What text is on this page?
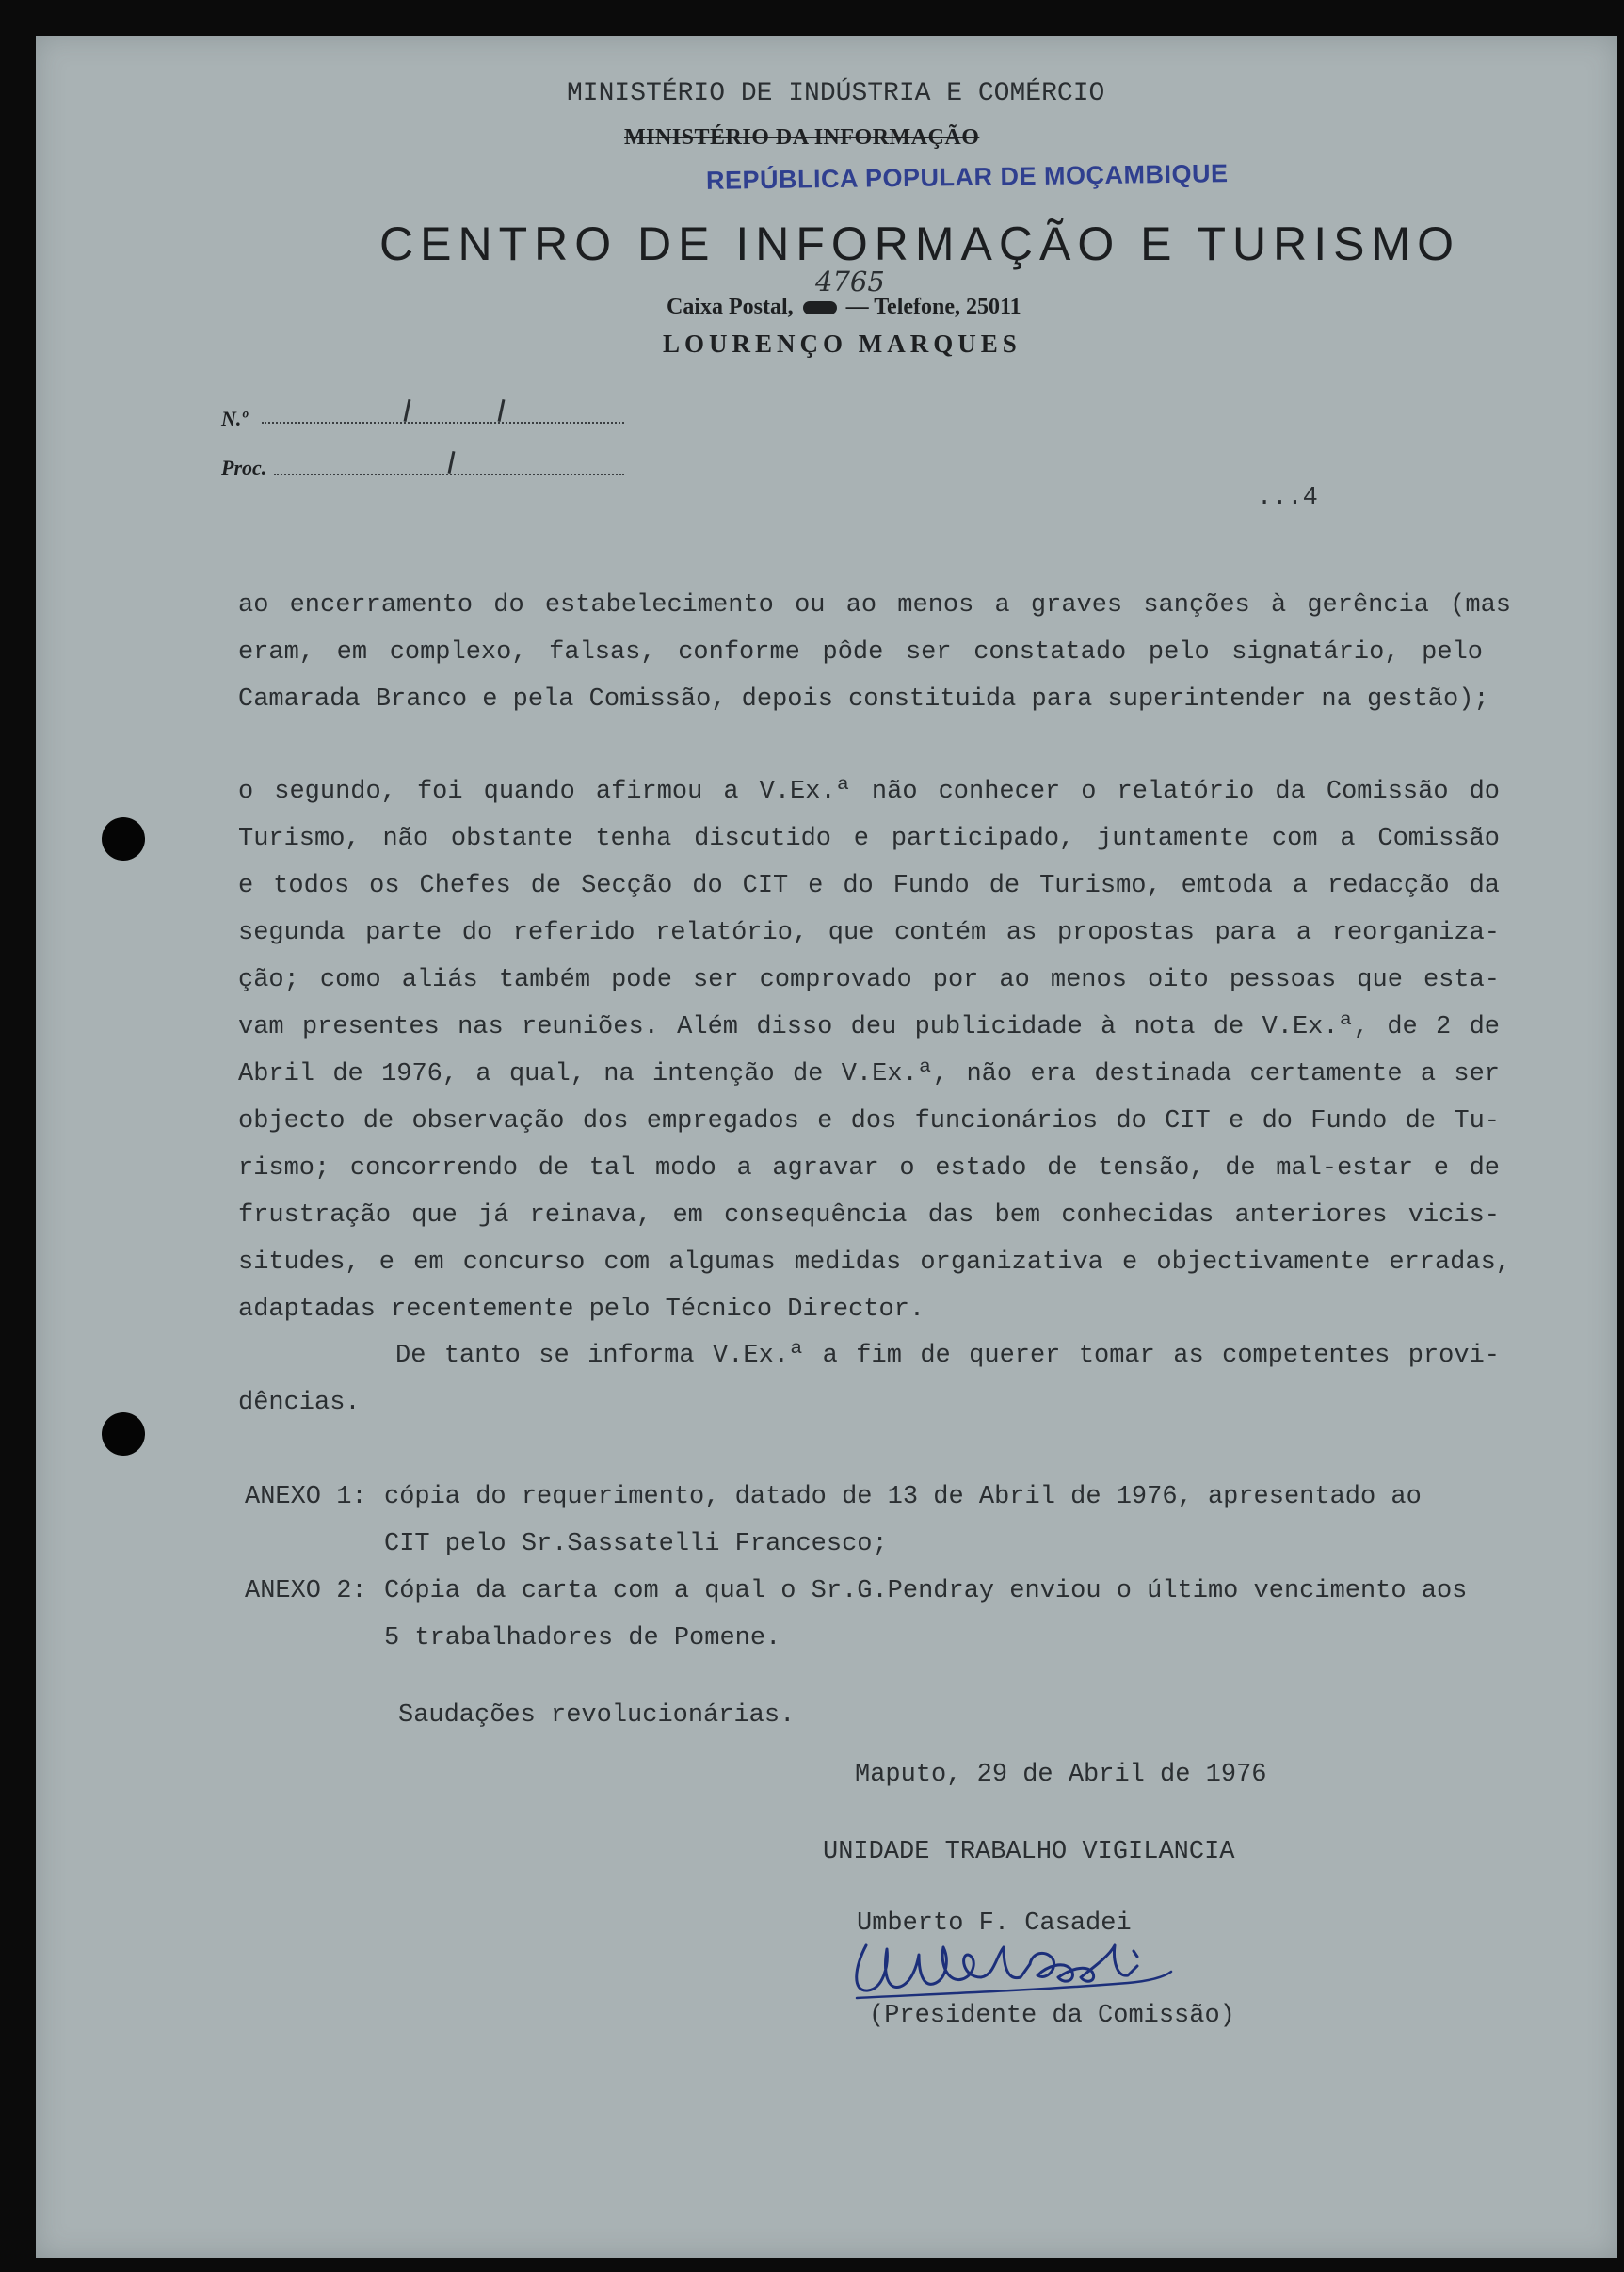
MINISTÉRIO DE INDÚSTRIA E COMÉRCIO
MINISTÉRIO DA INFORMAÇÃO
REPÚBLICA POPULAR DE MOÇAMBIQUE
CENTRO DE INFORMAÇÃO E TURISMO
4765
Caixa Postal, — Telefone, 25011
LOURENÇO MARQUES
N.º
Proc.
...4
ao encerramento do estabelecimento ou ao menos a graves sanções à gerência (mas
eram, em complexo, falsas, conforme pôde ser constatado pelo signatário, pelo
Camarada Branco e pela Comissão, depois constituida para superintender na gestão);
o segundo, foi quando afirmou a V.Ex.ª não conhecer o relatório da Comissão do
Turismo, não obstante tenha discutido e participado, juntamente com a Comissão
e todos os Chefes de Secção do CIT e do Fundo de Turismo, emtoda a redacção da
segunda parte do referido relatório, que contém as propostas para a reorganiza-
ção; como aliás também pode ser comprovado por ao menos oito pessoas que esta-
vam presentes nas reuniões. Além disso deu publicidade à nota de V.Ex.ª, de 2 de
Abril de 1976, a qual, na intenção de V.Ex.ª, não era destinada certamente a ser
objecto de observação dos empregados e dos funcionários do CIT e do Fundo de Tu-
rismo; concorrendo de tal modo a agravar o estado de tensão, de mal-estar e de
frustração que já reinava, em consequência das bem conhecidas anteriores vicis-
situdes, e em concurso com algumas medidas organizativa e objectivamente erradas,
adaptadas recentemente pelo Técnico Director.
De tanto se informa V.Ex.ª a fim de querer tomar as competentes provi-
dências.
ANEXO 1: cópia do requerimento, datado de 13 de Abril de 1976, apresentado ao
CIT pelo Sr.Sassatelli Francesco;
ANEXO 2: Cópia da carta com a qual o Sr.G.Pendray enviou o último vencimento aos
5 trabalhadores de Pomene.
Saudações revolucionárias.
Maputo, 29 de Abril de 1976
UNIDADE TRABALHO VIGILANCIA
Umberto F. Casadei
(Presidente da Comissão)
